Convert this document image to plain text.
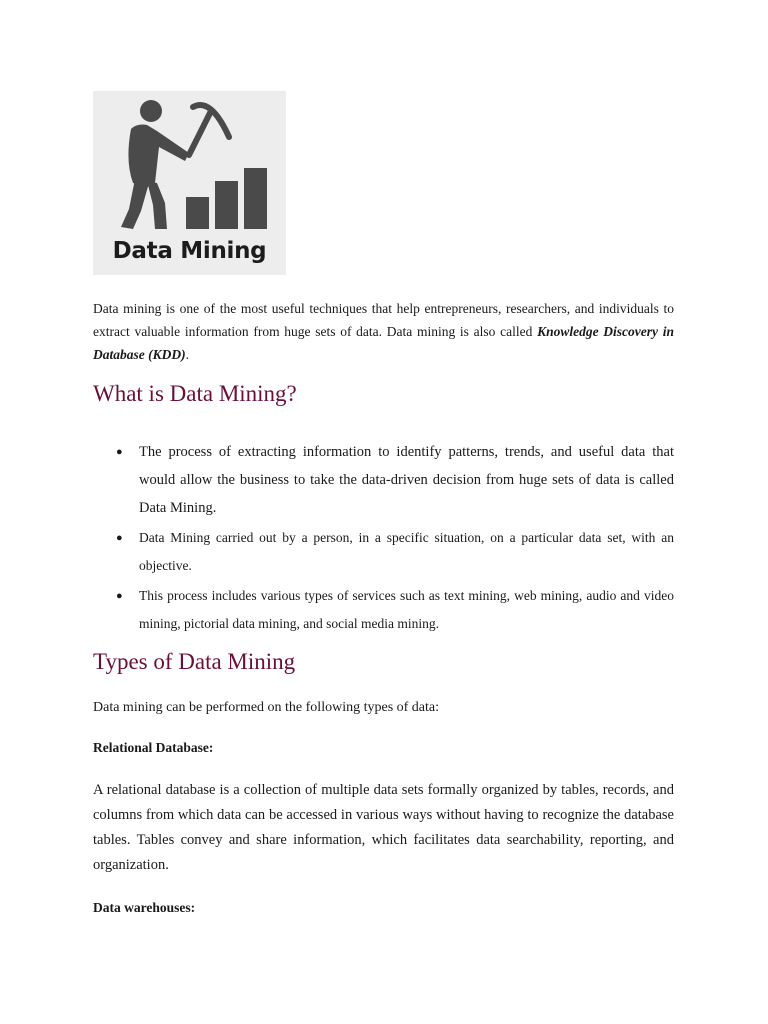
Data Mining

Data mining is one of the most useful techniques that help entrepreneurs, researchers, and individuals to extract valuable information from huge sets of data. Data mining is also called Knowledge Discovery in Database (KDD).

What is Data Mining?
● The process of extracting information to identify patterns, trends, and useful data that would allow the business to take the data-driven decision from huge sets of data is called Data Mining.
● Data Mining carried out by a person, in a specific situation, on a particular data set, with an objective.
● This process includes various types of services such as text mining, web mining, audio and video mining, pictorial data mining, and social media mining.
Types of Data Mining

Data mining can be performed on the following types of data:

Relational Database:

A relational database is a collection of multiple data sets formally organized by tables, records, and columns from which data can be accessed in various ways without having to recognize the database tables. Tables convey and share information, which facilitates data searchability, reporting, and organization.

Data warehouses:
